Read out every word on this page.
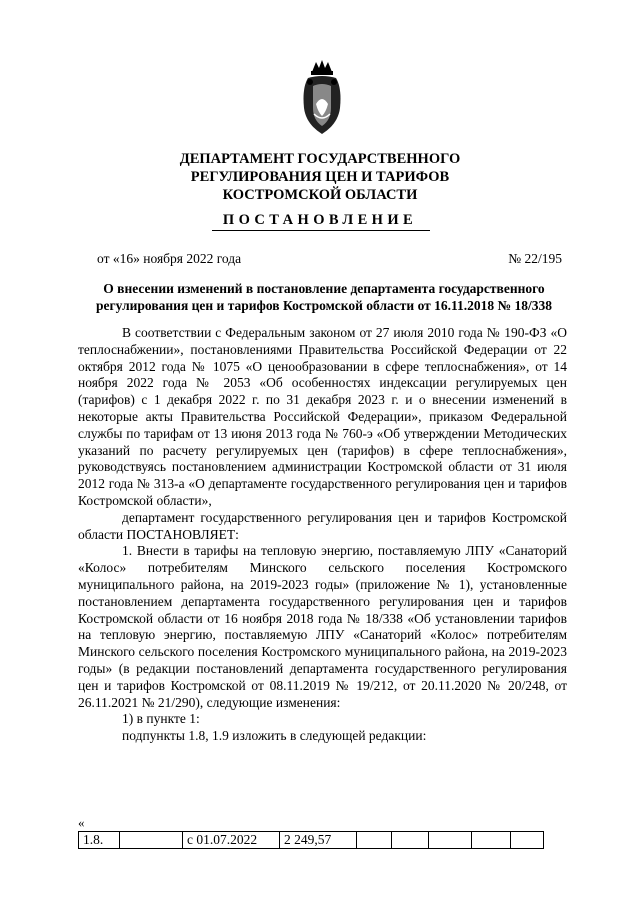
ДЕПАРТАМЕНТ ГОСУДАРСТВЕННОГО
РЕГУЛИРОВАНИЯ ЦЕН И ТАРИФОВ
КОСТРОМСКОЙ ОБЛАСТИ
ПОСТАНОВЛЕНИЕ
от «16» ноября 2022 года	№ 22/195
О внесении изменений в постановление департамента государственного
регулирования цен и тарифов Костромской области от 16.11.2018 № 18/338

В соответствии с Федеральным законом от 27 июля 2010 года № 190-ФЗ «О теплоснабжении», постановлениями Правительства Российской Федерации от 22 октября 2012 года № 1075 «О ценообразовании в сфере теплоснабжения», от 14 ноября 2022 года № 2053 «Об особенностях индексации регулируемых цен (тарифов) с 1 декабря 2022 г. по 31 декабря 2023 г. и о внесении изменений в некоторые акты Правительства Российской Федерации», приказом Федеральной службы по тарифам от 13 июня 2013 года № 760-э «Об утверждении Методических указаний по расчету регулируемых цен (тарифов) в сфере теплоснабжения», руководствуясь постановлением администрации Костромской области от 31 июля 2012 года № 313-а «О департаменте государственного регулирования цен и тарифов Костромской области»,

департамент государственного регулирования цен и тарифов Костромской области ПОСТАНОВЛЯЕТ:

1. Внести в тарифы на тепловую энергию, поставляемую ЛПУ «Санаторий «Колос» потребителям Минского сельского поселения Костромского муниципального района, на 2019-2023 годы» (приложение № 1), установленные постановлением департамента государственного регулирования цен и тарифов Костромской области от 16 ноября 2018 года № 18/338 «Об установлении тарифов на тепловую энергию, поставляемую ЛПУ «Санаторий «Колос» потребителям Минского сельского поселения Костромского муниципального района, на 2019-2023 годы» (в редакции постановлений департамента государственного регулирования цен и тарифов Костромской от 08.11.2019 № 19/212, от 20.11.2020 № 20/248, от 26.11.2021 № 21/290), следующие изменения:

1) в пункте 1:

подпункты 1.8, 1.9 изложить в следующей редакции:

«
1.8.		с 01.07.2022	2 249,57					
